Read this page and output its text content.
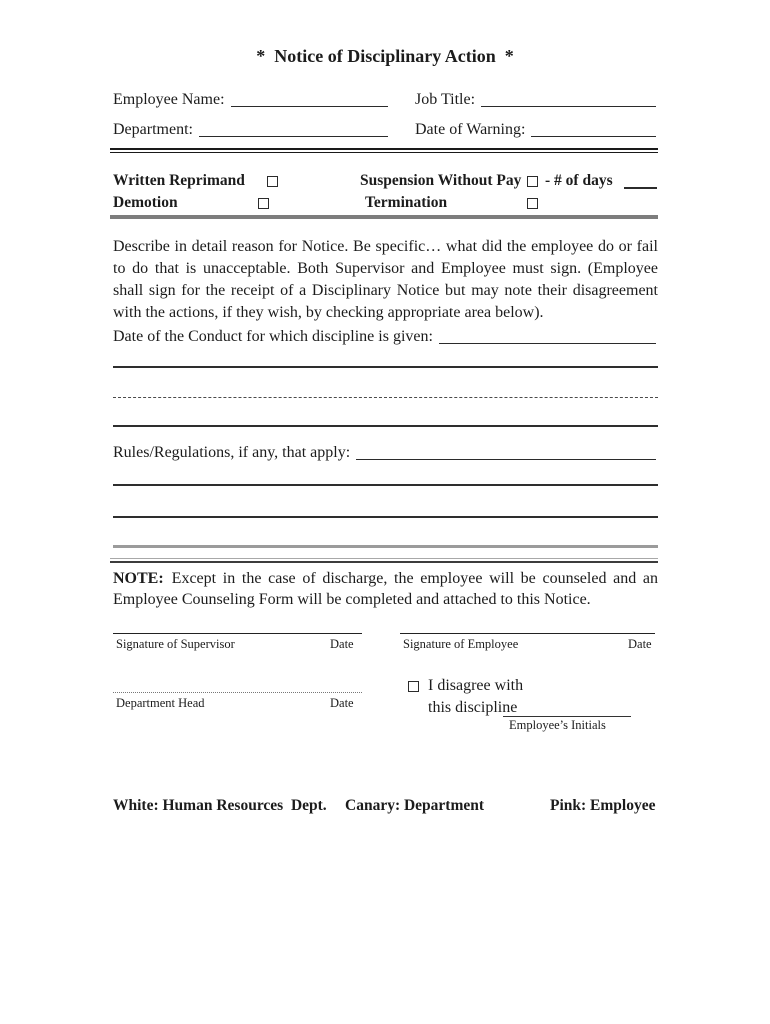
*  Notice of Disciplinary Action  *
Employee Name:	Job Title:
Department:	Date of Warning:
Written Reprimand	Suspension Without Pay - # of days
Demotion	Termination

Describe in detail reason for Notice. Be specific… what did the employee do or fail to do that is unacceptable. Both Supervisor and Employee must sign. (Employee shall sign for the receipt of a Disciplinary Notice but may note their disagreement with the actions, if they wish, by checking appropriate area below).

Date of the Conduct for which discipline is given:
Rules/Regulations, if any, that apply:

NOTE: Except in the case of discharge, the employee will be counseled and an Employee Counseling Form will be completed and attached to this Notice.

Signature of Supervisor	Date	Signature of Employee	Date
I disagree with
this discipline
Department Head	Date
Employee’s Initials
White: Human Resources  Dept. Canary: Department	Pink: Employee
